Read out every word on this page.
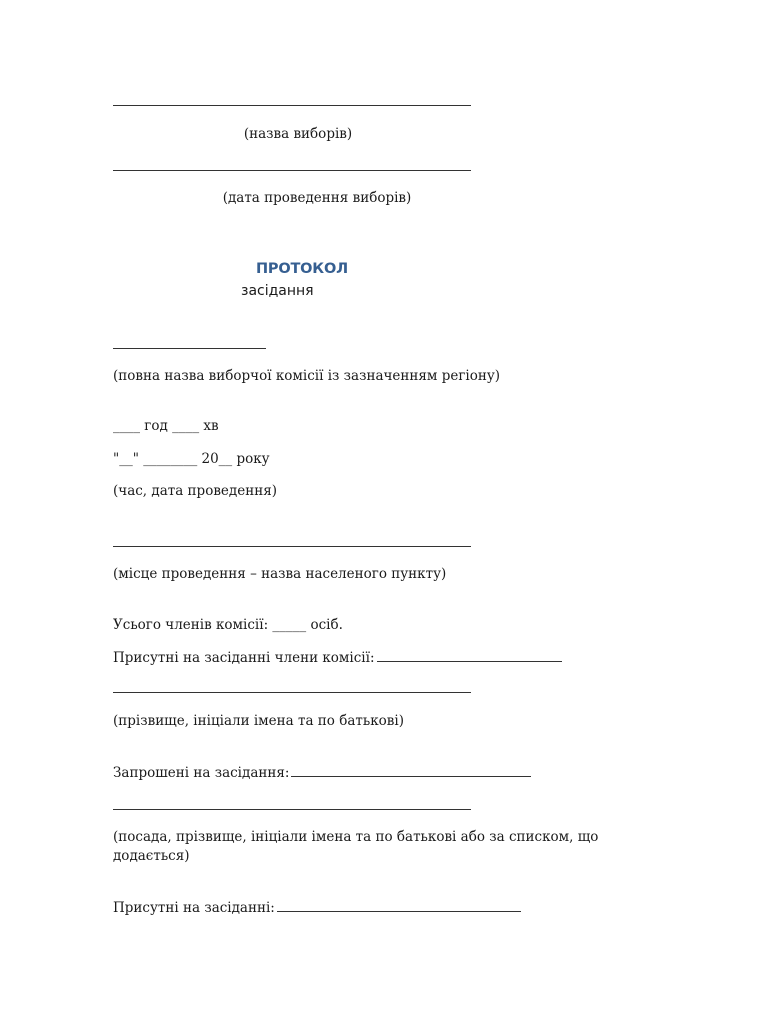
(назва виборів)
(дата проведення виборів)
ПРОТОКОЛ
засідання
(повна назва виборчої комісії із зазначенням регіону)
____ год ____ хв
"__" ________ 20__ року
(час, дата проведення)
(місце проведення – назва населеного пункту)
Усього членів комісії: _____ осіб.
Присутні на засіданні члени комісії:
(прізвище, ініціали імена та по батькові)
Запрошені на засідання:
(посада, прізвище, ініціали імена та по батькові або за списком, що додається)
Присутні на засіданні:
